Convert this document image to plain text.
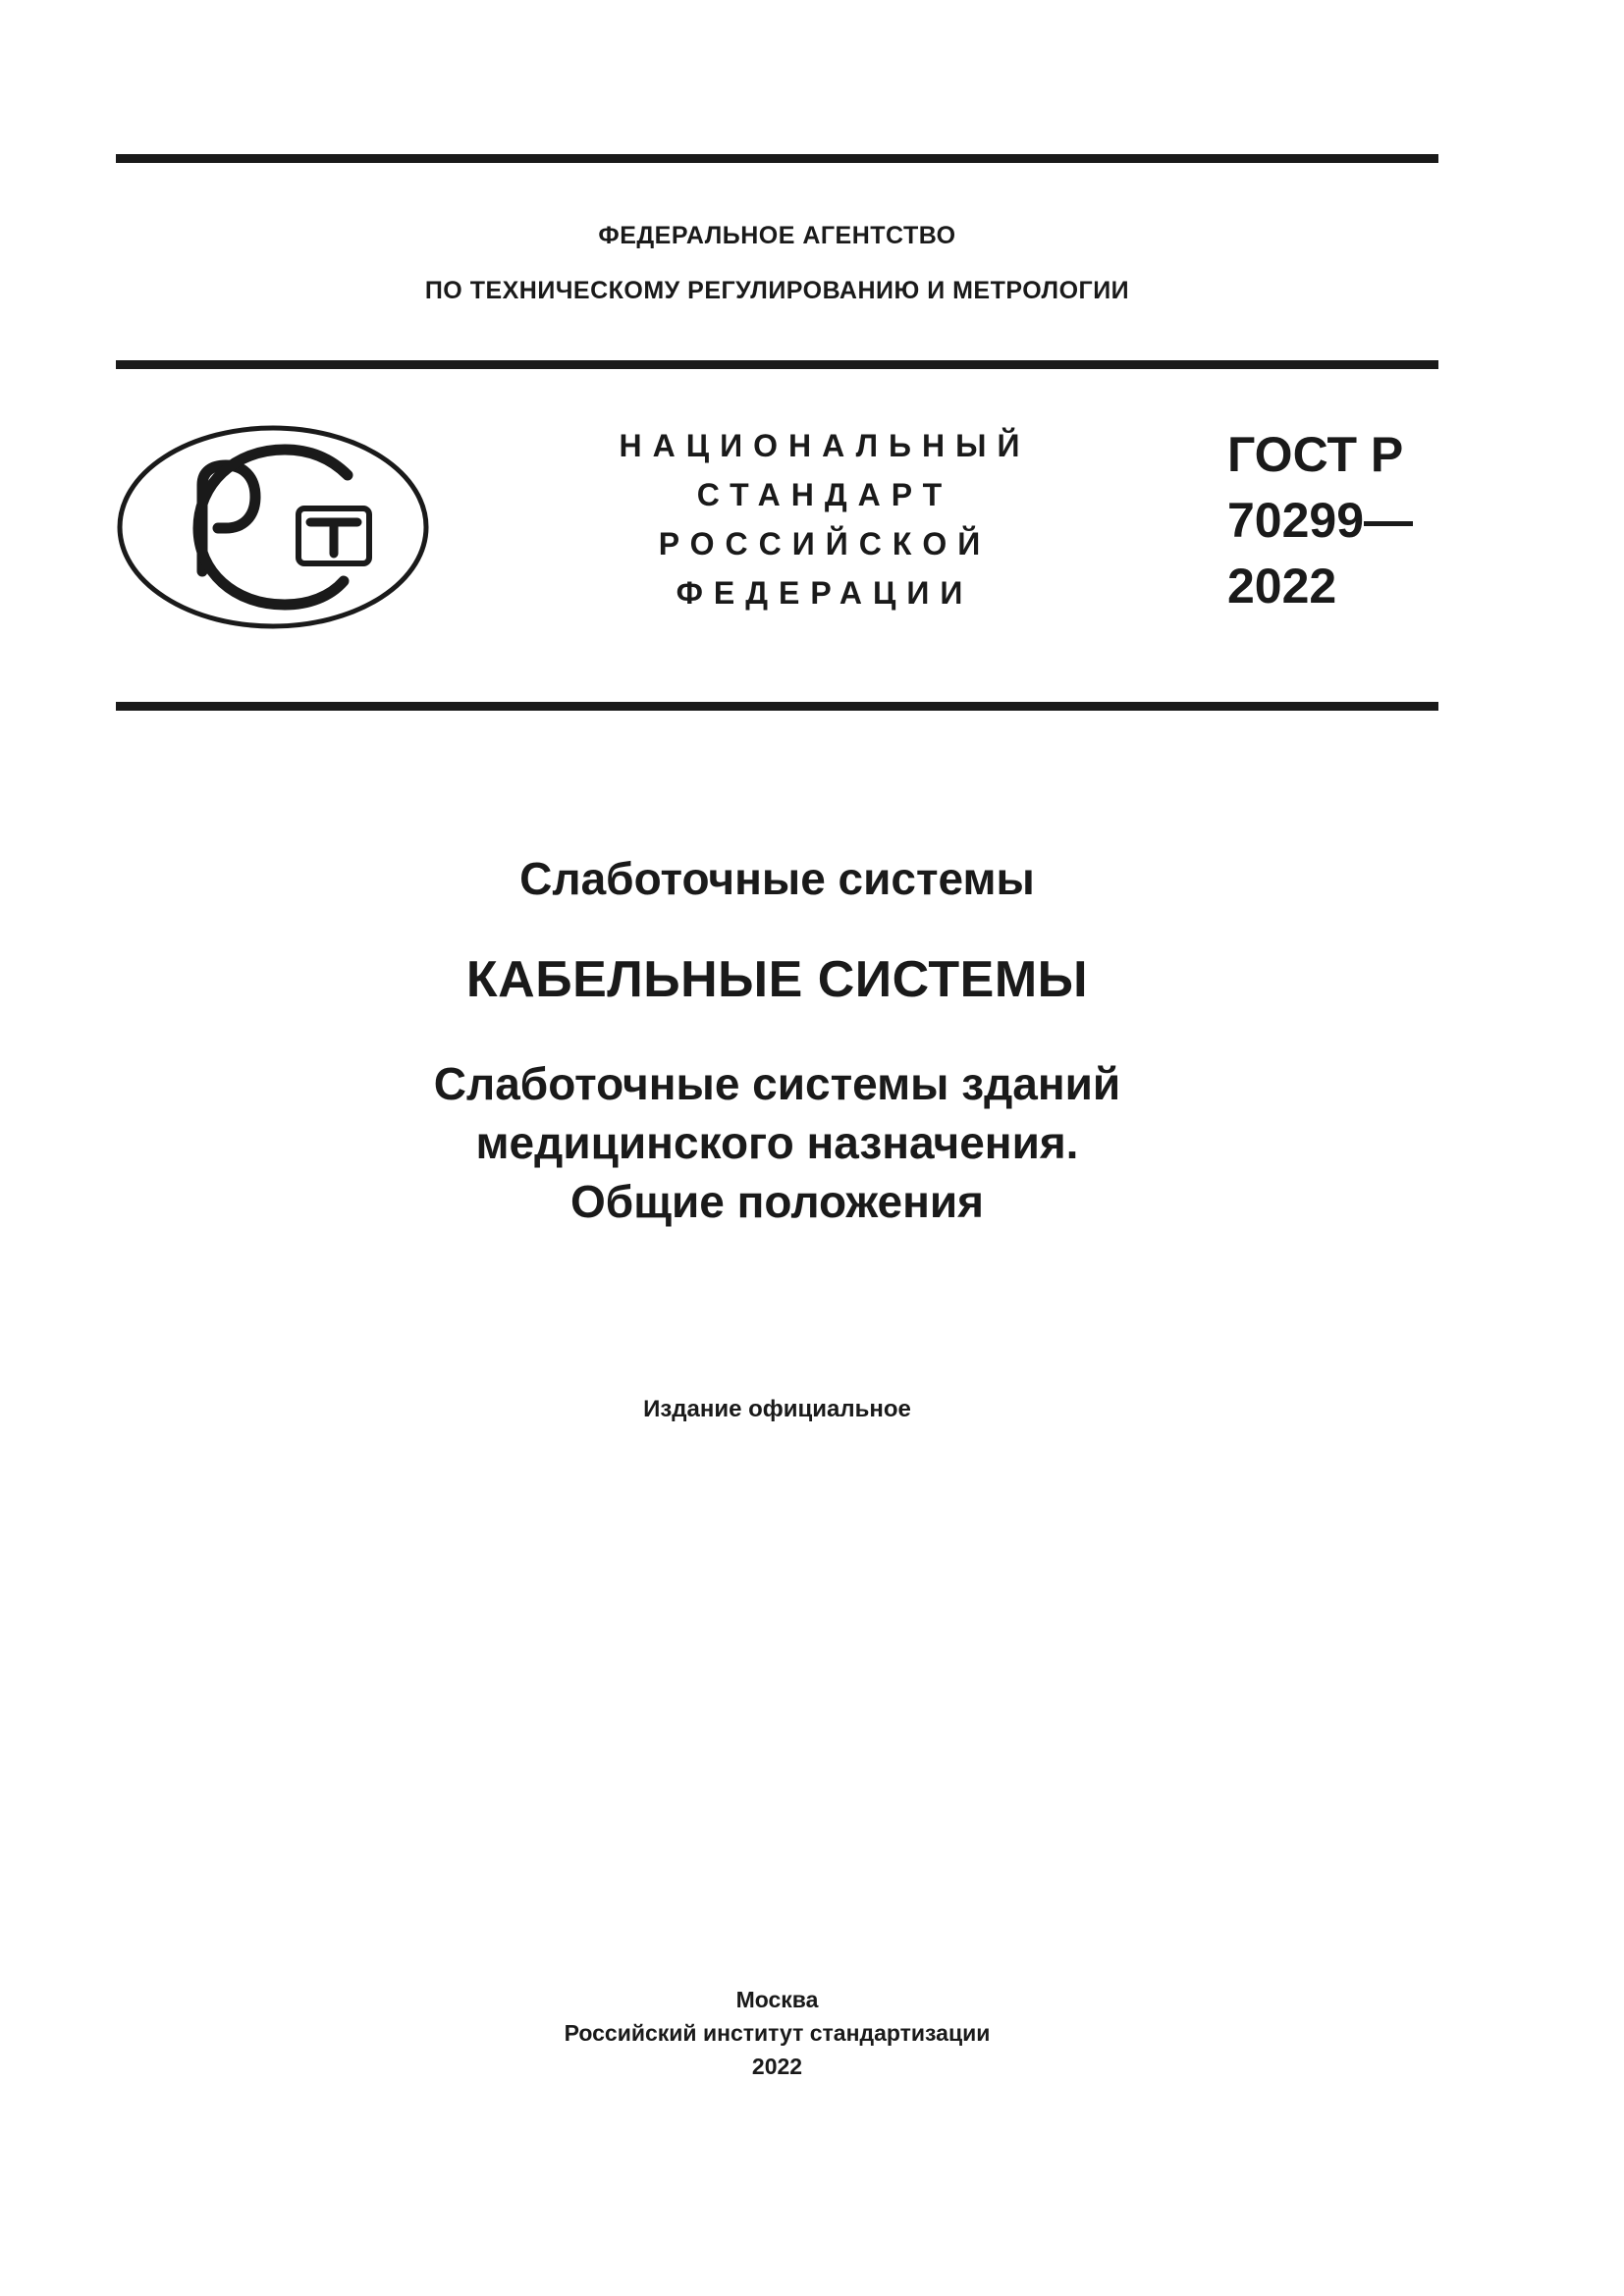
ФЕДЕРАЛЬНОЕ АГЕНТСТВО
ПО ТЕХНИЧЕСКОМУ РЕГУЛИРОВАНИЮ И МЕТРОЛОГИИ
НАЦИОНАЛЬНЫЙ
СТАНДАРТ
РОССИЙСКОЙ
ФЕДЕРАЦИИ
ГОСТ Р
70299—
2022
Слаботочные системы
КАБЕЛЬНЫЕ СИСТЕМЫ
Слаботочные системы зданий
медицинского назначения.
Общие положения
Издание официальное
Москва
Российский институт стандартизации
2022
